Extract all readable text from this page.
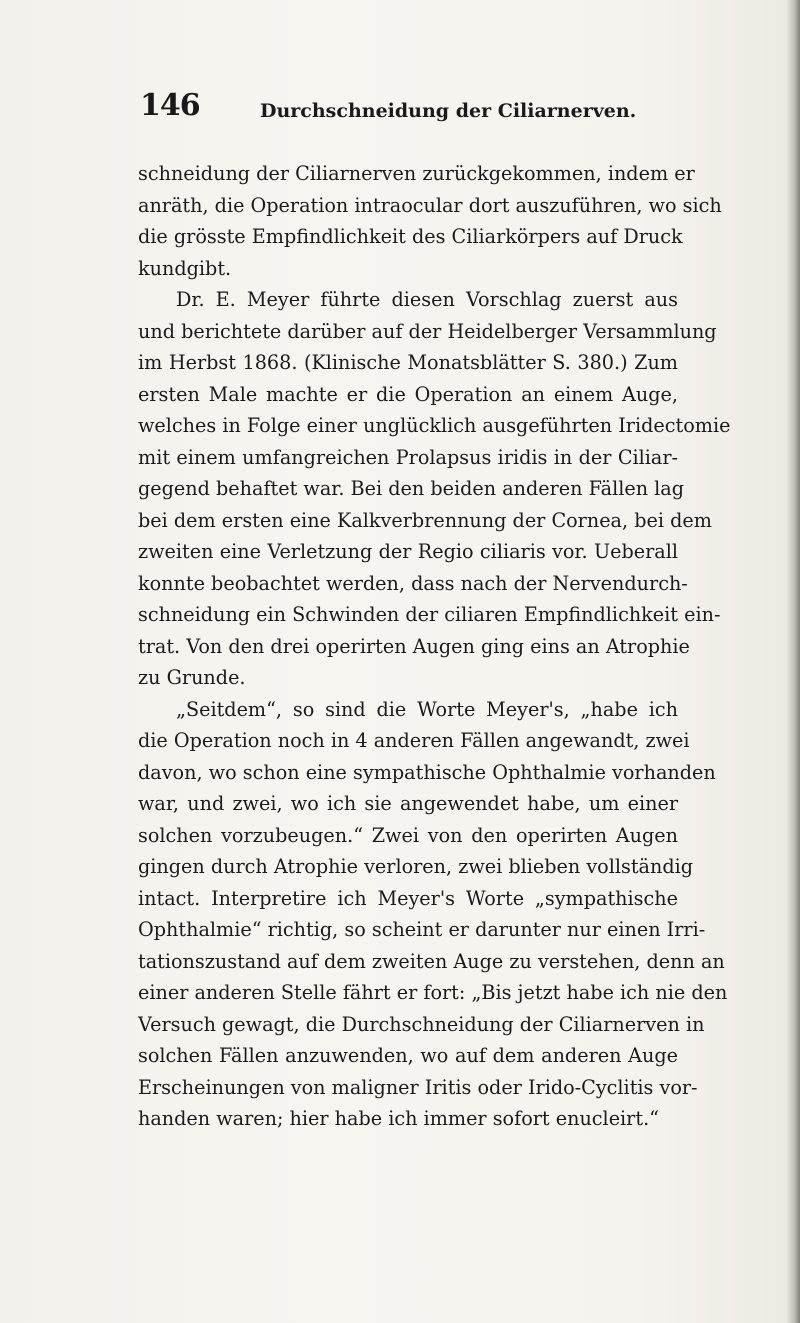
146	Durchschneidung der Ciliarnerven.
schneidung der Ciliarnerven zurückgekommen, indem er
anräth, die Operation intraocular dort auszuführen, wo sich
die grösste Empfindlichkeit des Ciliarkörpers auf Druck
kundgibt.
Dr. E. Meyer führte diesen Vorschlag zuerst aus
und berichtete darüber auf der Heidelberger Versammlung
im Herbst 1868. (Klinische Monatsblätter S. 380.) Zum
ersten Male machte er die Operation an einem Auge,
welches in Folge einer unglücklich ausgeführten Iridectomie
mit einem umfangreichen Prolapsus iridis in der Ciliar-
gegend behaftet war. Bei den beiden anderen Fällen lag
bei dem ersten eine Kalkverbrennung der Cornea, bei dem
zweiten eine Verletzung der Regio ciliaris vor. Ueberall
konnte beobachtet werden, dass nach der Nervendurch-
schneidung ein Schwinden der ciliaren Empfindlichkeit ein-
trat. Von den drei operirten Augen ging eins an Atrophie
zu Grunde.
„Seitdem“, so sind die Worte Meyer's, „habe ich
die Operation noch in 4 anderen Fällen angewandt, zwei
davon, wo schon eine sympathische Ophthalmie vorhanden
war, und zwei, wo ich sie angewendet habe, um einer
solchen vorzubeugen.“ Zwei von den operirten Augen
gingen durch Atrophie verloren, zwei blieben vollständig
intact. Interpretire ich Meyer's Worte „sympathische
Ophthalmie“ richtig, so scheint er darunter nur einen Irri-
tationszustand auf dem zweiten Auge zu verstehen, denn an
einer anderen Stelle fährt er fort: „Bis jetzt habe ich nie den
Versuch gewagt, die Durchschneidung der Ciliarnerven in
solchen Fällen anzuwenden, wo auf dem anderen Auge
Erscheinungen von maligner Iritis oder Irido-Cyclitis vor-
handen waren; hier habe ich immer sofort enucleirt.“
